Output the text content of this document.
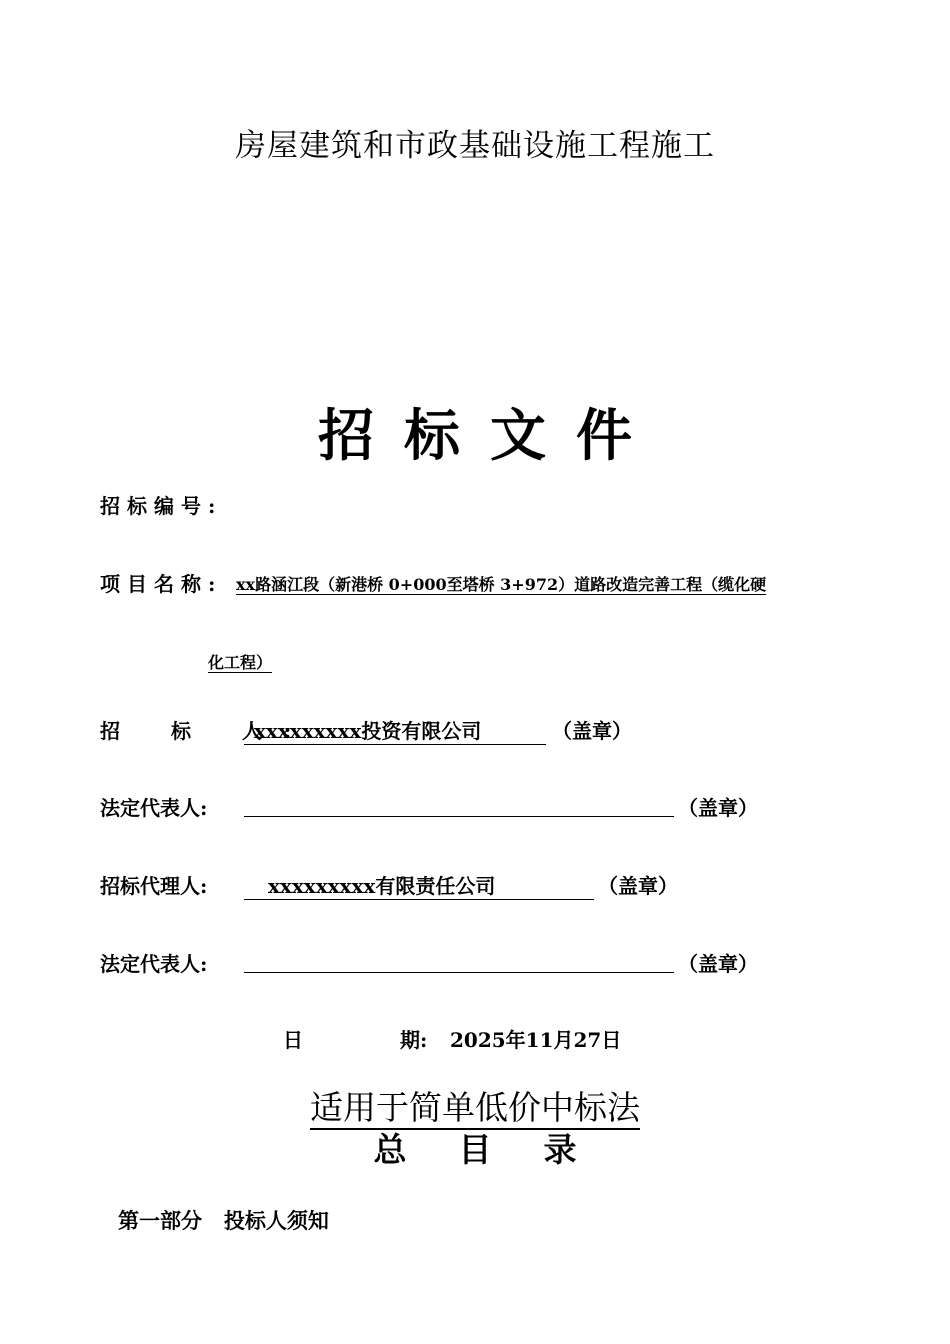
房屋建筑和市政基础设施工程施工
招标文件
招标编号:
项目名称: xx路涵江段（新港桥 0+000至塔桥 3+972）道路改造完善工程（缆化硬
化工程）
招 标 人:
xxxxxxxxx投资有限公司	（盖章）
法定代表人:	（盖章）
招标代理人:	xxxxxxxxx有限责任公司	（盖章）
法定代表人:	（盖章）
日	期: 2025年11月27日
适用于简单低价中标法
总目录
第一部分   投标人须知
